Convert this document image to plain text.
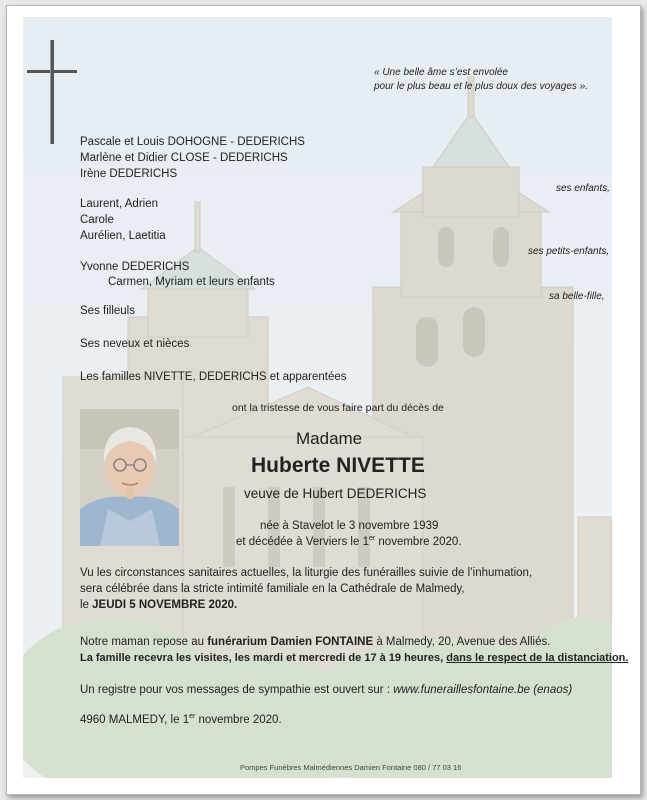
« Une belle âme s’est envolée
pour le plus beau et le plus doux des voyages ».
Pascale et Louis DOHOGNE - DEDERICHS
Marlène et Didier CLOSE - DEDERICHS
Irène DEDERICHS
ses enfants,
Laurent, Adrien
Carole
Aurélien, Laetitia
ses petits-enfants,
Yvonne DEDERICHS
Carmen, Myriam et leurs enfants
sa belle-fille,
Ses filleuls
Ses neveux et nièces
Les familles NIVETTE, DEDERICHS et apparentées
ont la tristesse de vous faire part du décès de
Madame
Huberte NIVETTE
veuve de Hubert DEDERICHS
née à Stavelot le 3 novembre 1939
et décédée à Verviers le 1er novembre 2020.
Vu les circonstances sanitaires actuelles, la liturgie des funérailles suivie de l’inhumation,
sera célébrée dans la stricte intimité familiale en la Cathédrale de Malmedy,
le JEUDI 5 NOVEMBRE 2020.
Notre maman repose au funérarium Damien FONTAINE à Malmedy, 20, Avenue des Alliés.
La famille recevra les visites, les mardi et mercredi de 17 à 19 heures, dans le respect de la distanciation.
Un registre pour vos messages de sympathie est ouvert sur : www.funeraillesfontaine.be (enaos)
4960 MALMEDY, le 1er novembre 2020.
Pompes Funèbres Malmédiennes Damien Fontaine 080 / 77 03 16
